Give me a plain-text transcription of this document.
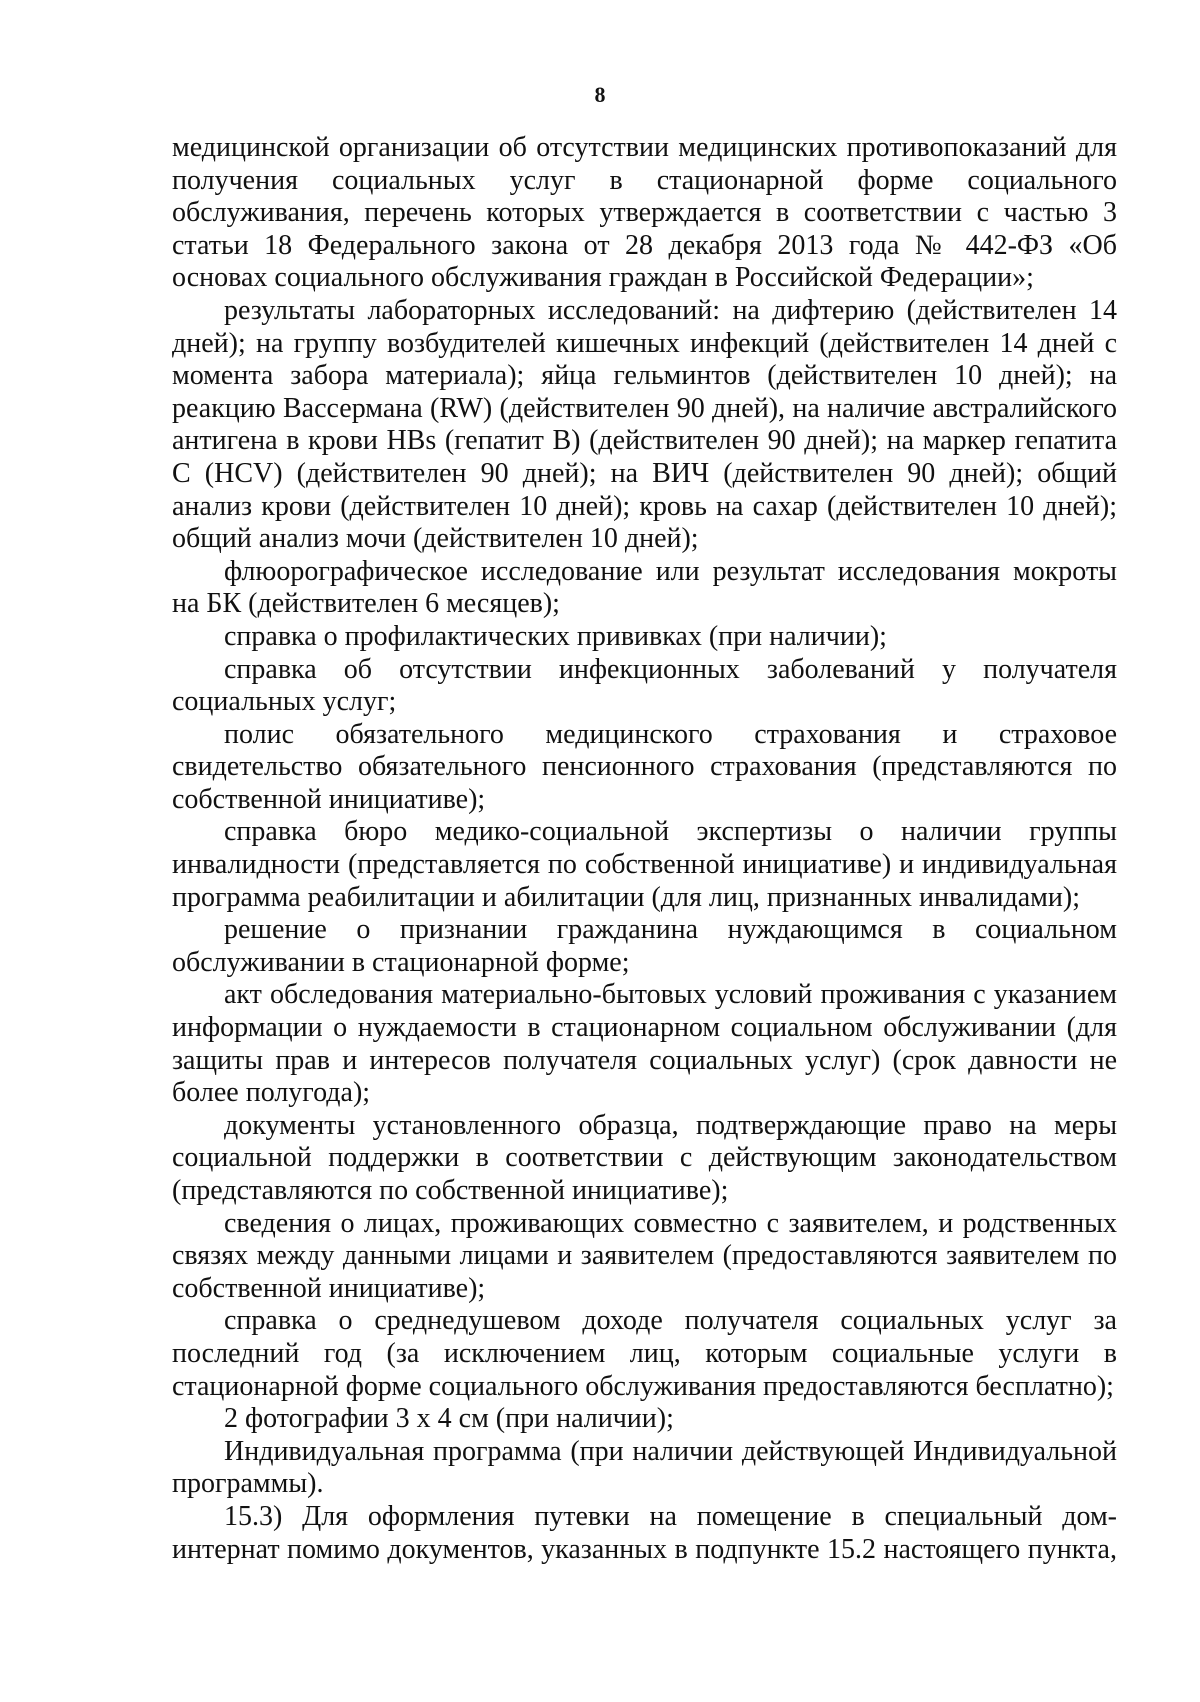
8

медицинской организации об отсутствии медицинских противопоказаний для получения социальных услуг в стационарной форме социального обслуживания, перечень которых утверждается в соответствии с частью 3 статьи 18 Федерального закона от 28 декабря 2013 года № 442-ФЗ «Об основах социального обслуживания граждан в Российской Федерации»;

результаты лабораторных исследований: на дифтерию (действителен 14 дней); на группу возбудителей кишечных инфекций (действителен 14 дней с момента забора материала); яйца гельминтов (действителен 10 дней); на реакцию Вассермана (RW) (действителен 90 дней), на наличие австралийского антигена в крови HBs (гепатит В) (действителен 90 дней); на маркер гепатита С (HCV) (действителен 90 дней); на ВИЧ (действителен 90 дней); общий анализ крови (действителен 10 дней); кровь на сахар (действителен 10 дней); общий анализ мочи (действителен 10 дней);

флюорографическое исследование или результат исследования мокроты на БК (действителен 6 месяцев);

справка о профилактических прививках (при наличии);

справка об отсутствии инфекционных заболеваний у получателя социальных услуг;

полис обязательного медицинского страхования и страховое свидетельство обязательного пенсионного страхования (представляются по собственной инициативе);

справка бюро медико-социальной экспертизы о наличии группы инвалидности (представляется по собственной инициативе) и индивидуальная программа реабилитации и абилитации (для лиц, признанных инвалидами);

решение о признании гражданина нуждающимся в социальном обслуживании в стационарной форме;

акт обследования материально-бытовых условий проживания с указанием информации о нуждаемости в стационарном социальном обслуживании (для защиты прав и интересов получателя социальных услуг) (срок давности не более полугода);

документы установленного образца, подтверждающие право на меры социальной поддержки в соответствии с действующим законодательством (представляются по собственной инициативе);

сведения о лицах, проживающих совместно с заявителем, и родственных связях между данными лицами и заявителем (предоставляются заявителем по собственной инициативе);

справка о среднедушевом доходе получателя социальных услуг за последний год (за исключением лиц, которым социальные услуги в стационарной форме социального обслуживания предоставляются бесплатно);

2 фотографии 3 х 4 см (при наличии);

Индивидуальная программа (при наличии действующей Индивидуальной программы).

15.3) Для оформления путевки на помещение в специальный дом- интернат помимо документов, указанных в подпункте 15.2 настоящего пункта,
